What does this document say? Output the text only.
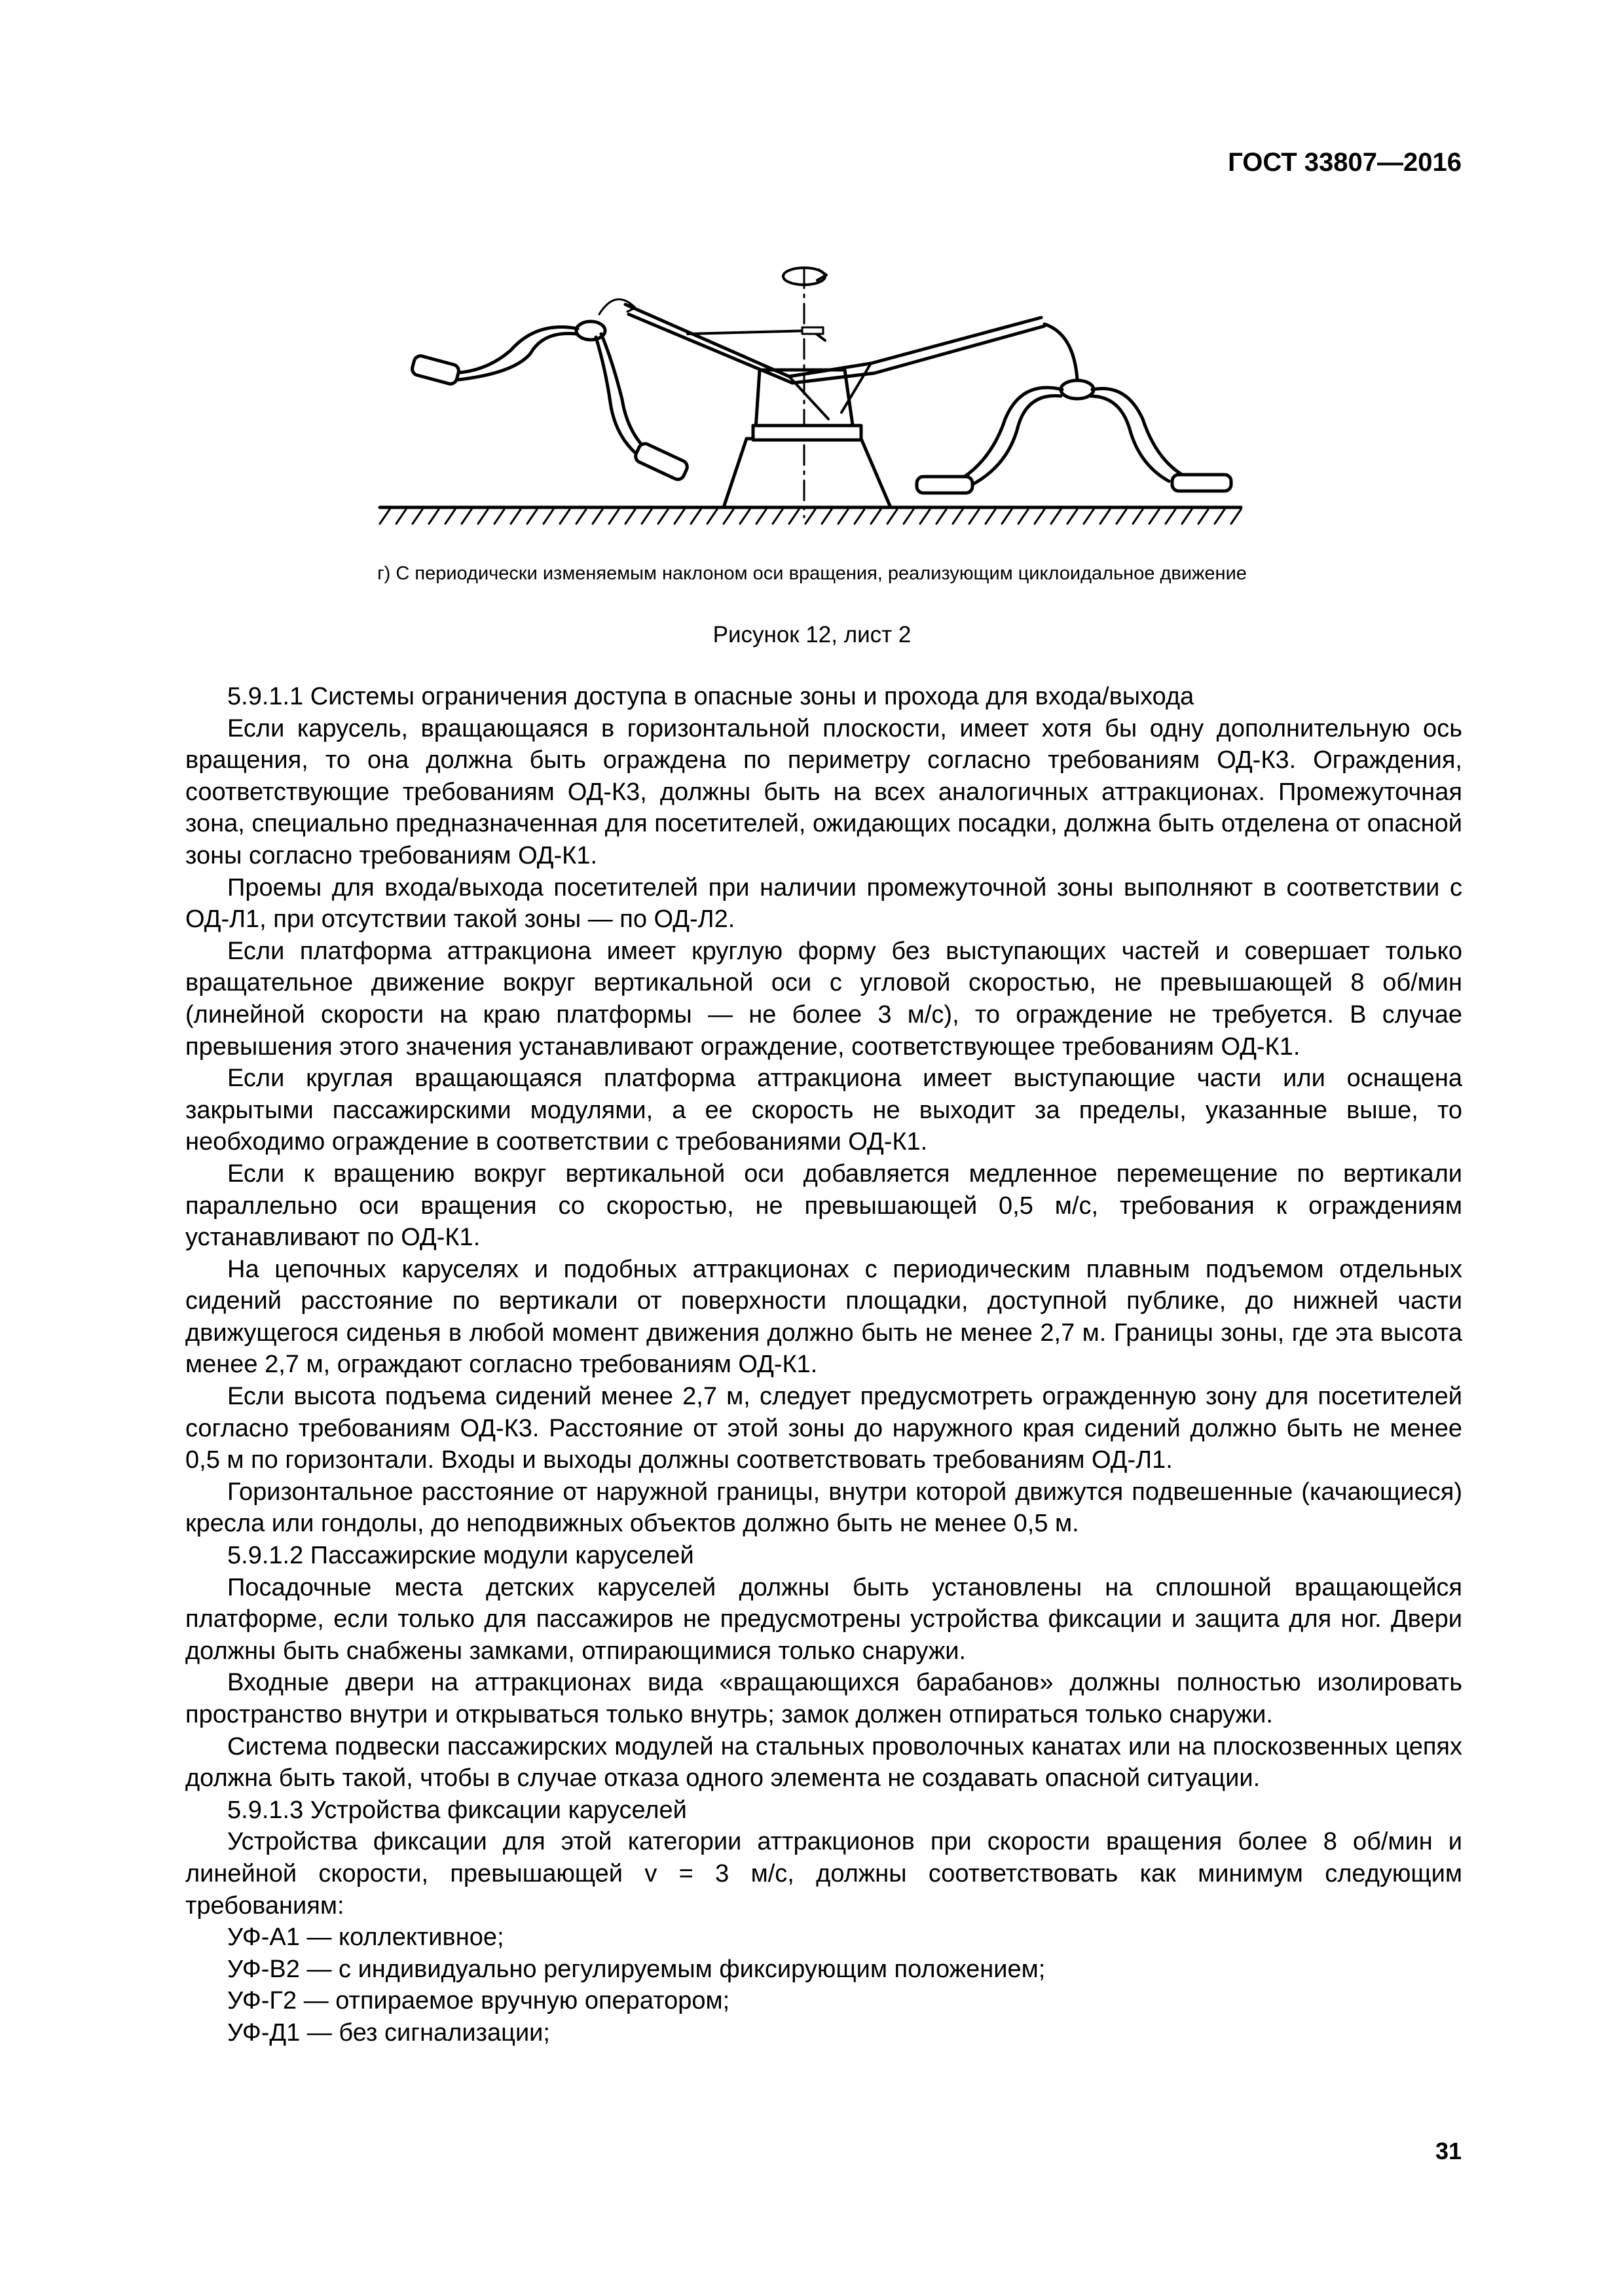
ГОСТ 33807—2016
г) С периодически изменяемым наклоном оси вращения, реализующим циклоидальное движение
Рисунок 12, лист 2

5.9.1.1 Системы ограничения доступа в опасные зоны и прохода для входа/выхода

Если карусель, вращающаяся в горизонтальной плоскости, имеет хотя бы одну дополнительную ось вращения, то она должна быть ограждена по периметру согласно требованиям ОД-К3. Ограждения, соответствующие требованиям ОД-К3, должны быть на всех аналогичных аттракционах. Промежуточная зона, специально предназначенная для посетителей, ожидающих посадки, должна быть отделена от опасной зоны согласно требованиям ОД-К1.

Проемы для входа/выхода посетителей при наличии промежуточной зоны выполняют в соответствии с ОД-Л1, при отсутствии такой зоны — по ОД-Л2.

Если платформа аттракциона имеет круглую форму без выступающих частей и совершает только вращательное движение вокруг вертикальной оси с угловой скоростью, не превышающей 8 об/мин (линейной скорости на краю платформы — не более 3 м/с), то ограждение не требуется. В случае превышения этого значения устанавливают ограждение, соответствующее требованиям ОД-К1.

Если круглая вращающаяся платформа аттракциона имеет выступающие части или оснащена закрытыми пассажирскими модулями, а ее скорость не выходит за пределы, указанные выше, то необходимо ограждение в соответствии с требованиями ОД-К1.

Если к вращению вокруг вертикальной оси добавляется медленное перемещение по вертикали параллельно оси вращения со скоростью, не превышающей 0,5 м/с, требования к ограждениям устанавливают по ОД-К1.

На цепочных каруселях и подобных аттракционах с периодическим плавным подъемом отдельных сидений расстояние по вертикали от поверхности площадки, доступной публике, до нижней части движущегося сиденья в любой момент движения должно быть не менее 2,7 м. Границы зоны, где эта высота менее 2,7 м, ограждают согласно требованиям ОД-К1.

Если высота подъема сидений менее 2,7 м, следует предусмотреть огражденную зону для посетителей согласно требованиям ОД-К3. Расстояние от этой зоны до наружного края сидений должно быть не менее 0,5 м по горизонтали. Входы и выходы должны соответствовать требованиям ОД-Л1.

Горизонтальное расстояние от наружной границы, внутри которой движутся подвешенные (качающиеся) кресла или гондолы, до неподвижных объектов должно быть не менее 0,5 м.

5.9.1.2 Пассажирские модули каруселей

Посадочные места детских каруселей должны быть установлены на сплошной вращающейся платформе, если только для пассажиров не предусмотрены устройства фиксации и защита для ног. Двери должны быть снабжены замками, отпирающимися только снаружи.

Входные двери на аттракционах вида «вращающихся барабанов» должны полностью изолировать пространство внутри и открываться только внутрь; замок должен отпираться только снаружи.

Система подвески пассажирских модулей на стальных проволочных канатах или на плоскозвенных цепях должна быть такой, чтобы в случае отказа одного элемента не создавать опасной ситуации.

5.9.1.3 Устройства фиксации каруселей

Устройства фиксации для этой категории аттракционов при скорости вращения более 8 об/мин и линейной скорости, превышающей v = 3 м/с, должны соответствовать как минимум следующим требованиям:

УФ-А1 — коллективное;

УФ-В2 — с индивидуально регулируемым фиксирующим положением;

УФ-Г2 — отпираемое вручную оператором;

УФ-Д1 — без сигнализации;

31
